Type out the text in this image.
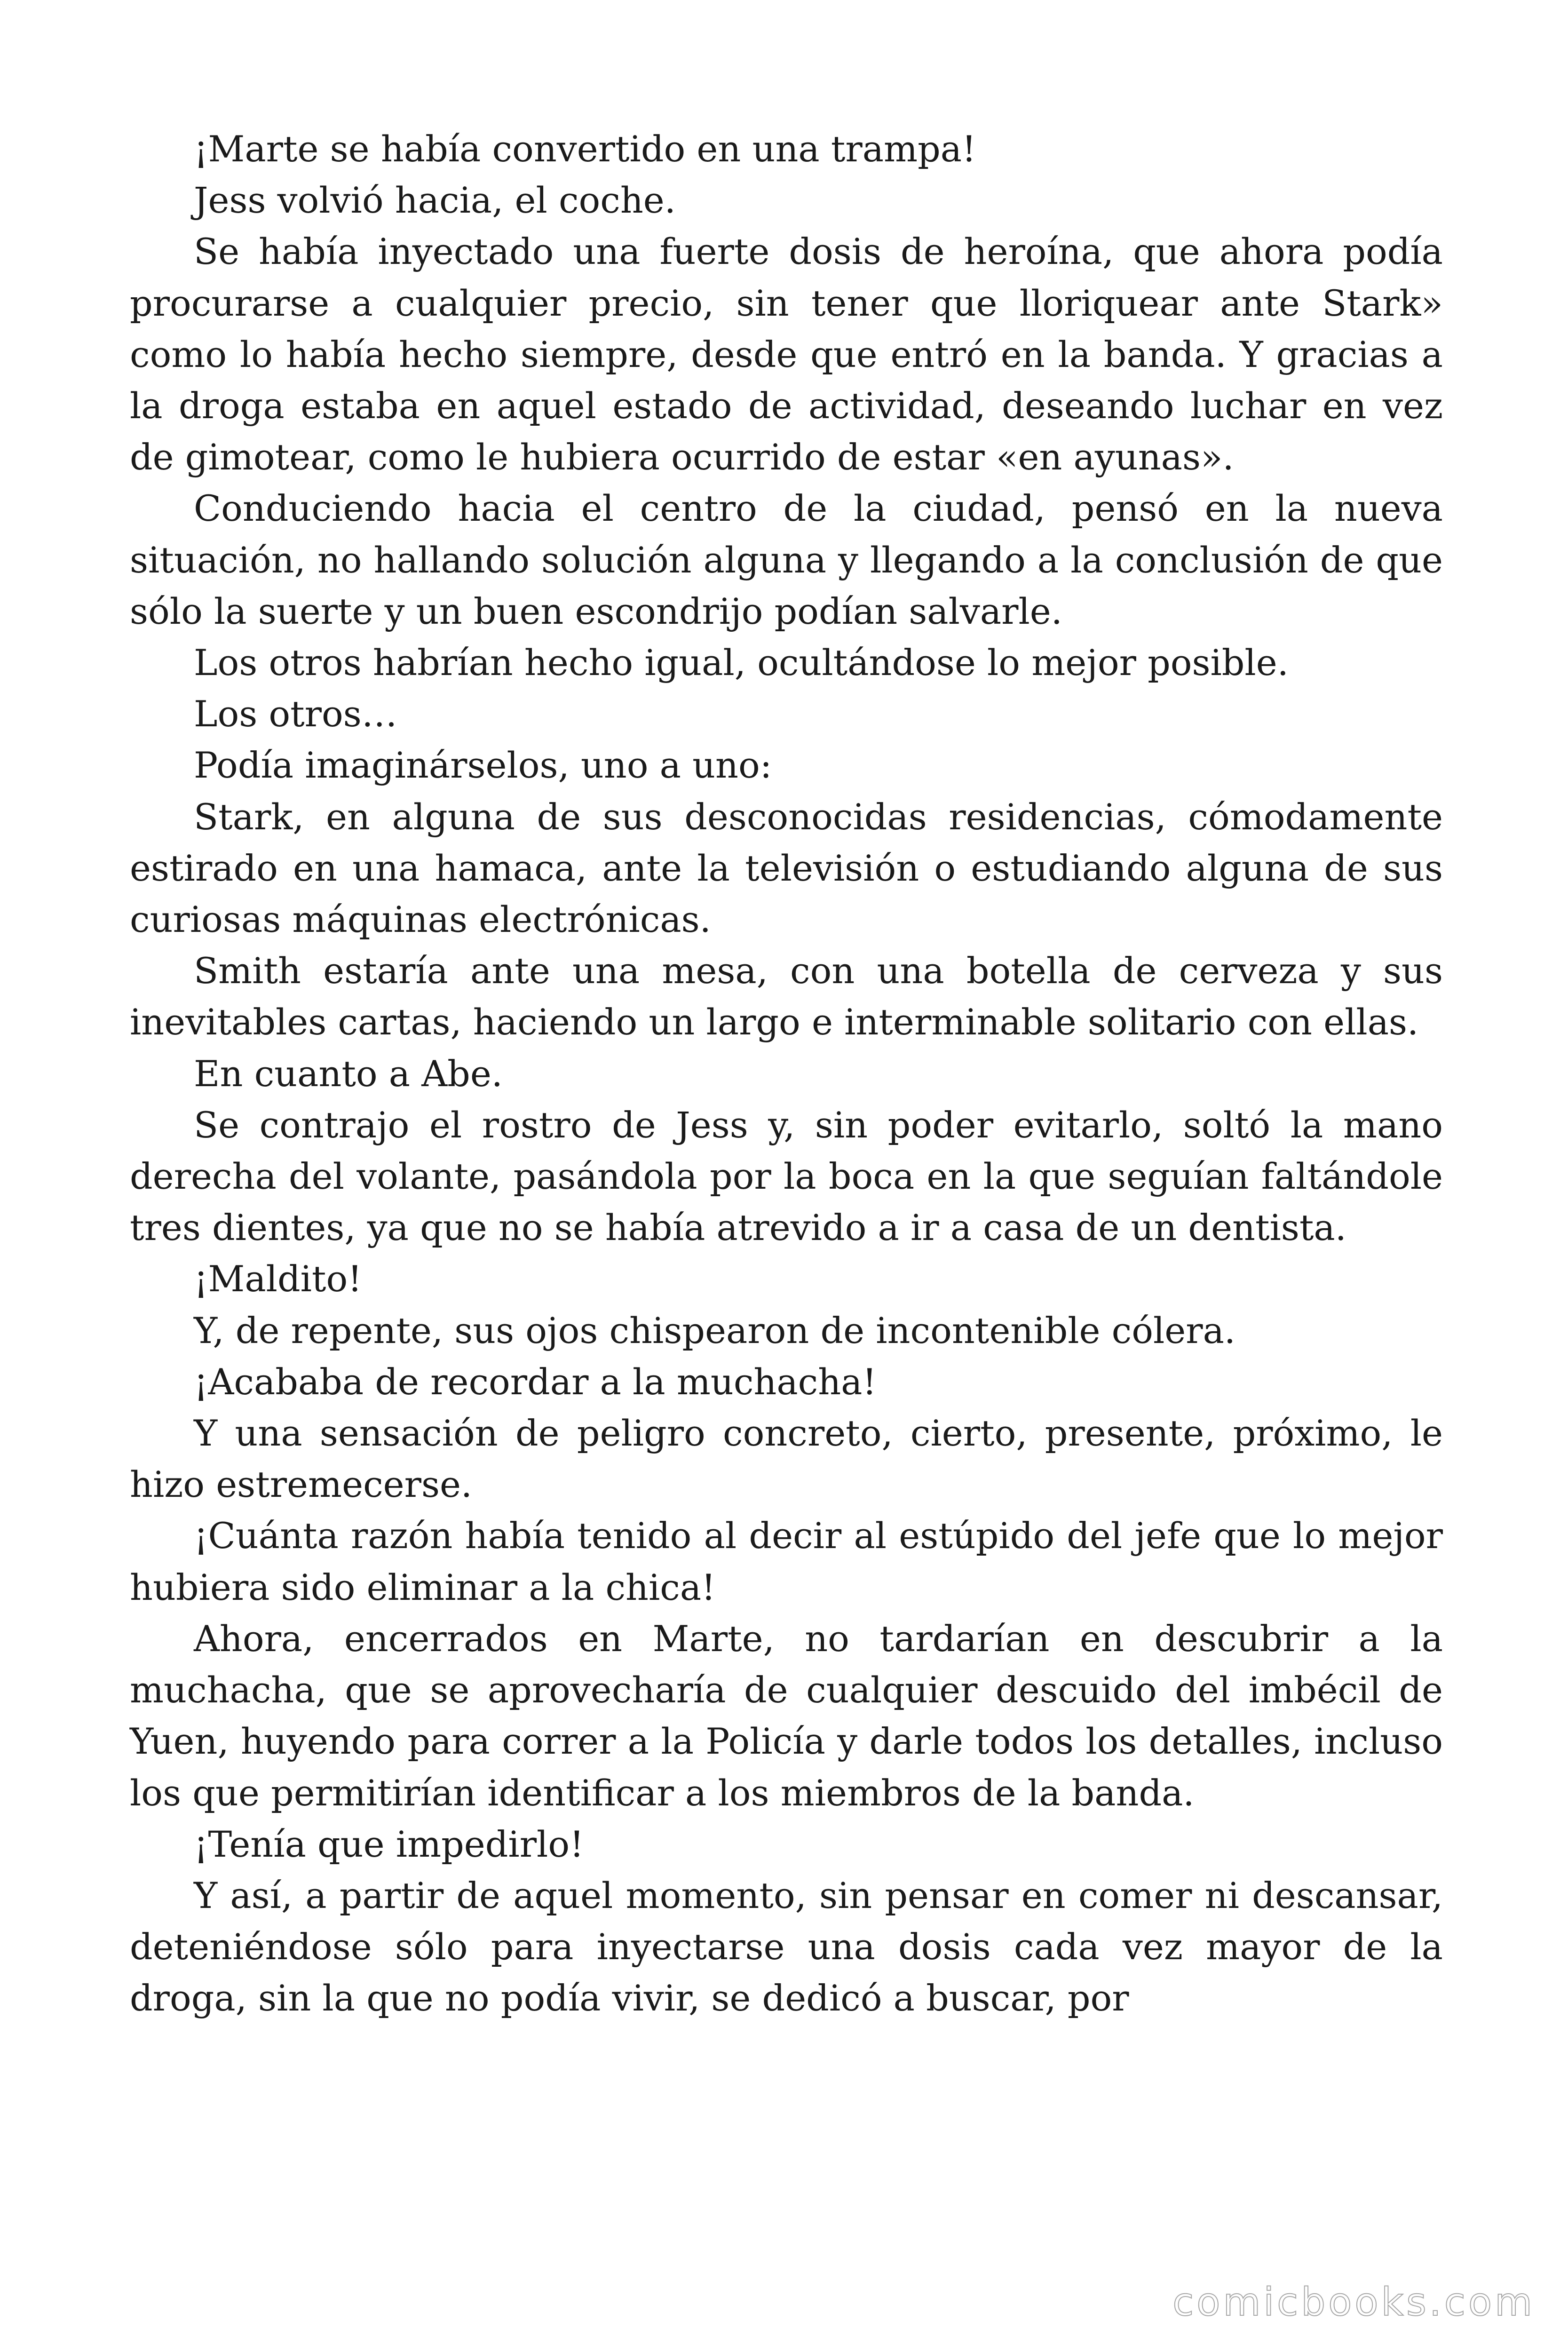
¡Marte se había convertido en una trampa!

Jess volvió hacia, el coche.

Se había inyectado una fuerte dosis de heroína, que ahora podía procurarse a cualquier precio, sin tener que lloriquear ante Stark» como lo había hecho siempre, desde que entró en la banda. Y gracias a la droga estaba en aquel estado de actividad, deseando luchar en vez de gimotear, como le hubiera ocurrido de estar «en ayunas».

Conduciendo hacia el centro de la ciudad, pensó en la nueva situación, no hallando solución alguna y llegando a la conclusión de que sólo la suerte y un buen escondrijo podían salvarle.

Los otros habrían hecho igual, ocultándose lo mejor posible.

Los otros…

Podía imaginárselos, uno a uno:

Stark, en alguna de sus desconocidas residencias, cómodamente estirado en una hamaca, ante la televisión o estudiando alguna de sus curiosas máquinas electrónicas.

Smith estaría ante una mesa, con una botella de cerveza y sus inevitables cartas, haciendo un largo e interminable solitario con ellas.

En cuanto a Abe.

Se contrajo el rostro de Jess y, sin poder evitarlo, soltó la mano derecha del volante, pasándola por la boca en la que seguían faltándole tres dientes, ya que no se había atrevido a ir a casa de un dentista.

¡Maldito!

Y, de repente, sus ojos chispearon de incontenible cólera.

¡Acababa de recordar a la muchacha!

Y una sensación de peligro concreto, cierto, presente, próximo, le hizo estremecerse.

¡Cuánta razón había tenido al decir al estúpido del jefe que lo mejor hubiera sido eliminar a la chica!

Ahora, encerrados en Marte, no tardarían en descubrir a la muchacha, que se aprovecharía de cualquier descuido del imbécil de Yuen, huyendo para correr a la Policía y darle todos los detalles, incluso los que permitirían identificar a los miembros de la banda.

¡Tenía que impedirlo!

Y así, a partir de aquel momento, sin pensar en comer ni descansar, deteniéndose sólo para inyectarse una dosis cada vez mayor de la droga, sin la que no podía vivir, se dedicó a buscar, por

comicbooks.com
